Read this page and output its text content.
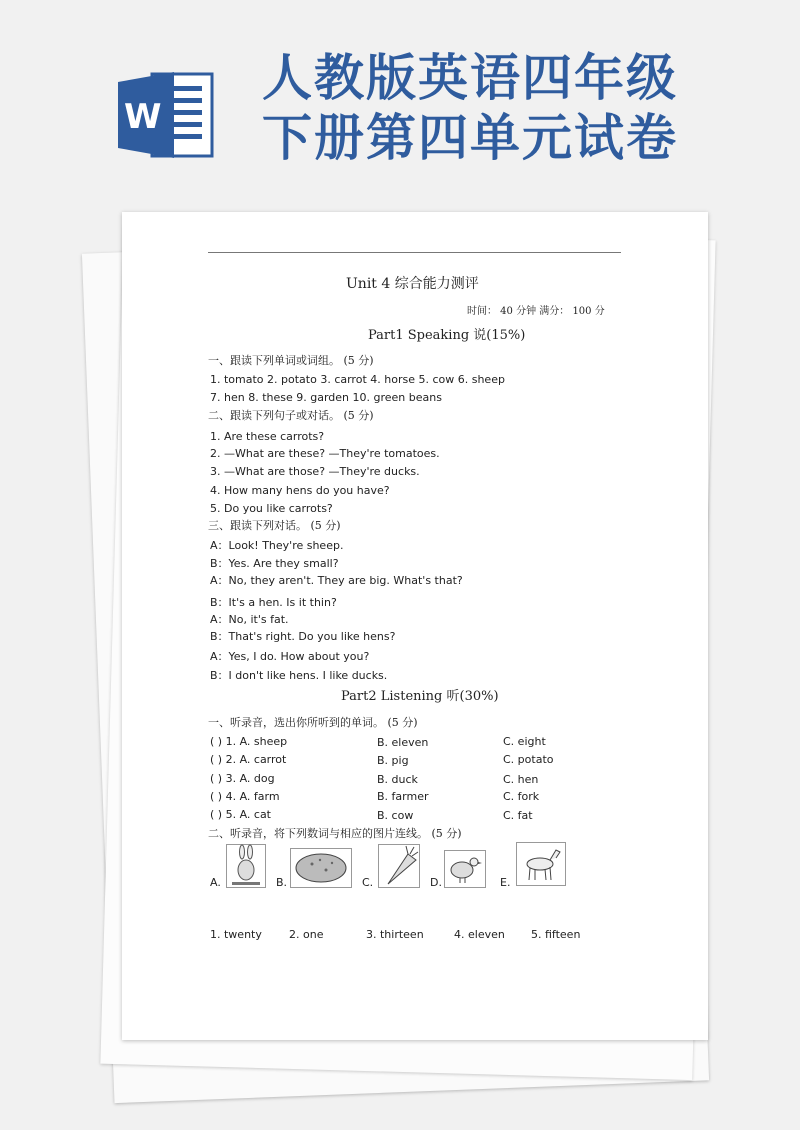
W
人教版英语四年级
下册第四单元试卷
Unit 4 综合能力测评
时间： 40 分钟 满分： 100 分
Part1 Speaking 说(15%)
一、跟读下列单词或词组。 (5 分)
1. tomato 2. potato 3. carrot 4. horse 5. cow 6. sheep
7. hen 8. these 9. garden 10. green beans
二、跟读下列句子或对话。 (5 分)
1. Are these carrots?
2. —What are these? —They're tomatoes.
3. —What are those? —They're ducks.
4. How many hens do you have?
5. Do you like carrots?
三、跟读下列对话。 (5 分)
A：Look! They're sheep.
B：Yes. Are they small?
A：No, they aren't. They are big. What's that?
B：It's a hen. Is it thin?
A：No, it's fat.
B：That's right. Do you like hens?
A：Yes, I do. How about you?
B：I don't like hens. I like ducks.
Part2 Listening 听(30%)
一、听录音，选出你所听到的单词。 (5 分)
( ) 1. A. sheep	B. eleven	C. eight
( ) 2. A. carrot	B. pig	C. potato
( ) 3. A. dog	B. duck	C. hen
( ) 4. A. farm	B. farmer	C. fork
( ) 5. A. cat	B. cow	C. fat
二、听录音，将下列数词与相应的图片连线。 (5 分)
A.	B.	C.	D.	E.
1. twenty 2. one	3. thirteen	4. eleven 5. fifteen
